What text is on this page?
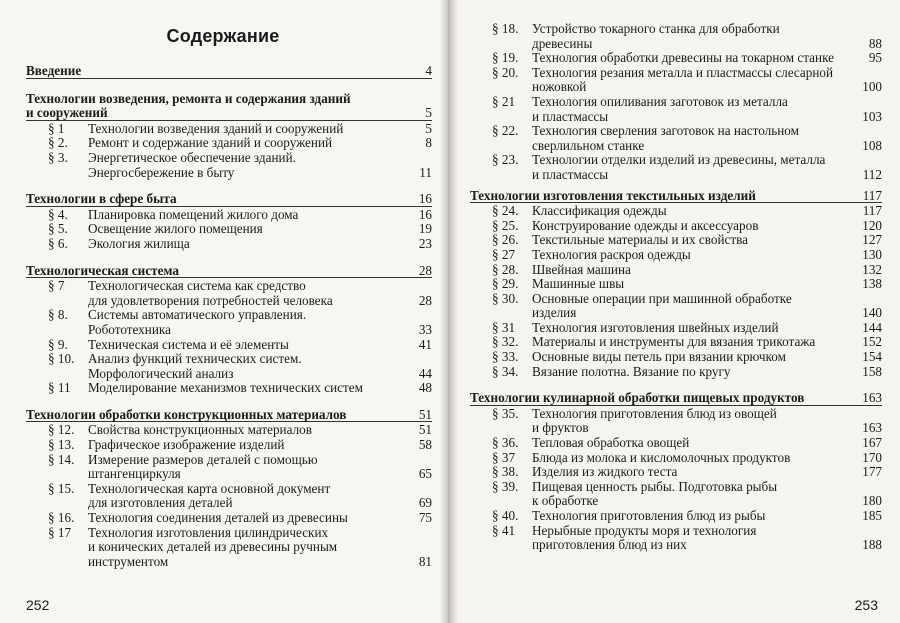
Содержание
Введение	4
Технологии возведения, ремонта и содержания зданий
и сооружений	5
§ 1 Технологии возведения зданий и сооружений	5
§ 2. Ремонт и содержание зданий и сооружений	8
§ 3. Энергетическое обеспечение зданий.
Энергосбережение в быту	11
Технологии в сфере быта	16
§ 4. Планировка помещений жилого дома	16
§ 5. Освещение жилого помещения	19
§ 6. Экология жилища	23
Технологическая система	28
§ 7 Технологическая система как средство
для удовлетворения потребностей человека	28
§ 8. Системы автоматического управления.
Робототехника	33
§ 9. Техническая система и её элементы	41
§ 10. Анализ функций технических систем.
Морфологический анализ	44
§ 11 Моделирование механизмов технических систем	48
Технологии обработки конструкционных материалов	51
§ 12. Свойства конструкционных материалов	51
§ 13. Графическое изображение изделий	58
§ 14. Измерение размеров деталей с помощью
штангенциркуля	65
§ 15. Технологическая карта основной документ
для изготовления деталей	69
§ 16. Технология соединения деталей из древесины	75
§ 17 Технология изготовления цилиндрических
и конических деталей из древесины ручным
инструментом	81
252
§ 18. Устройство токарного станка для обработки
древесины	88
§ 19. Технология обработки древесины на токарном станке	95
§ 20. Технология резания металла и пластмассы слесарной
ножовкой	100
§ 21 Технология опиливания заготовок из металла
и пластмассы	103
§ 22. Технология сверления заготовок на настольном
сверлильном станке	108
§ 23. Технологии отделки изделий из древесины, металла
и пластмассы	112
Технологии изготовления текстильных изделий	117
§ 24. Классификация одежды	117
§ 25. Конструирование одежды и аксессуаров	120
§ 26. Текстильные материалы и их свойства	127
§ 27 Технология раскроя одежды	130
§ 28. Швейная машина	132
§ 29. Машинные швы	138
§ 30. Основные операции при машинной обработке
изделия	140
§ 31 Технология изготовления швейных изделий	144
§ 32. Материалы и инструменты для вязания трикотажа	152
§ 33. Основные виды петель при вязании крючком	154
§ 34. Вязание полотна. Вязание по кругу	158
Технологии кулинарной обработки пищевых продуктов	163
§ 35. Технология приготовления блюд из овощей
и фруктов	163
§ 36. Тепловая обработка овощей	167
§ 37 Блюда из молока и кисломолочных продуктов	170
§ 38. Изделия из жидкого теста	177
§ 39. Пищевая ценность рыбы. Подготовка рыбы
к обработке	180
§ 40. Технология приготовления блюд из рыбы	185
§ 41 Нерыбные продукты моря и технология
приготовления блюд из них	188
253
